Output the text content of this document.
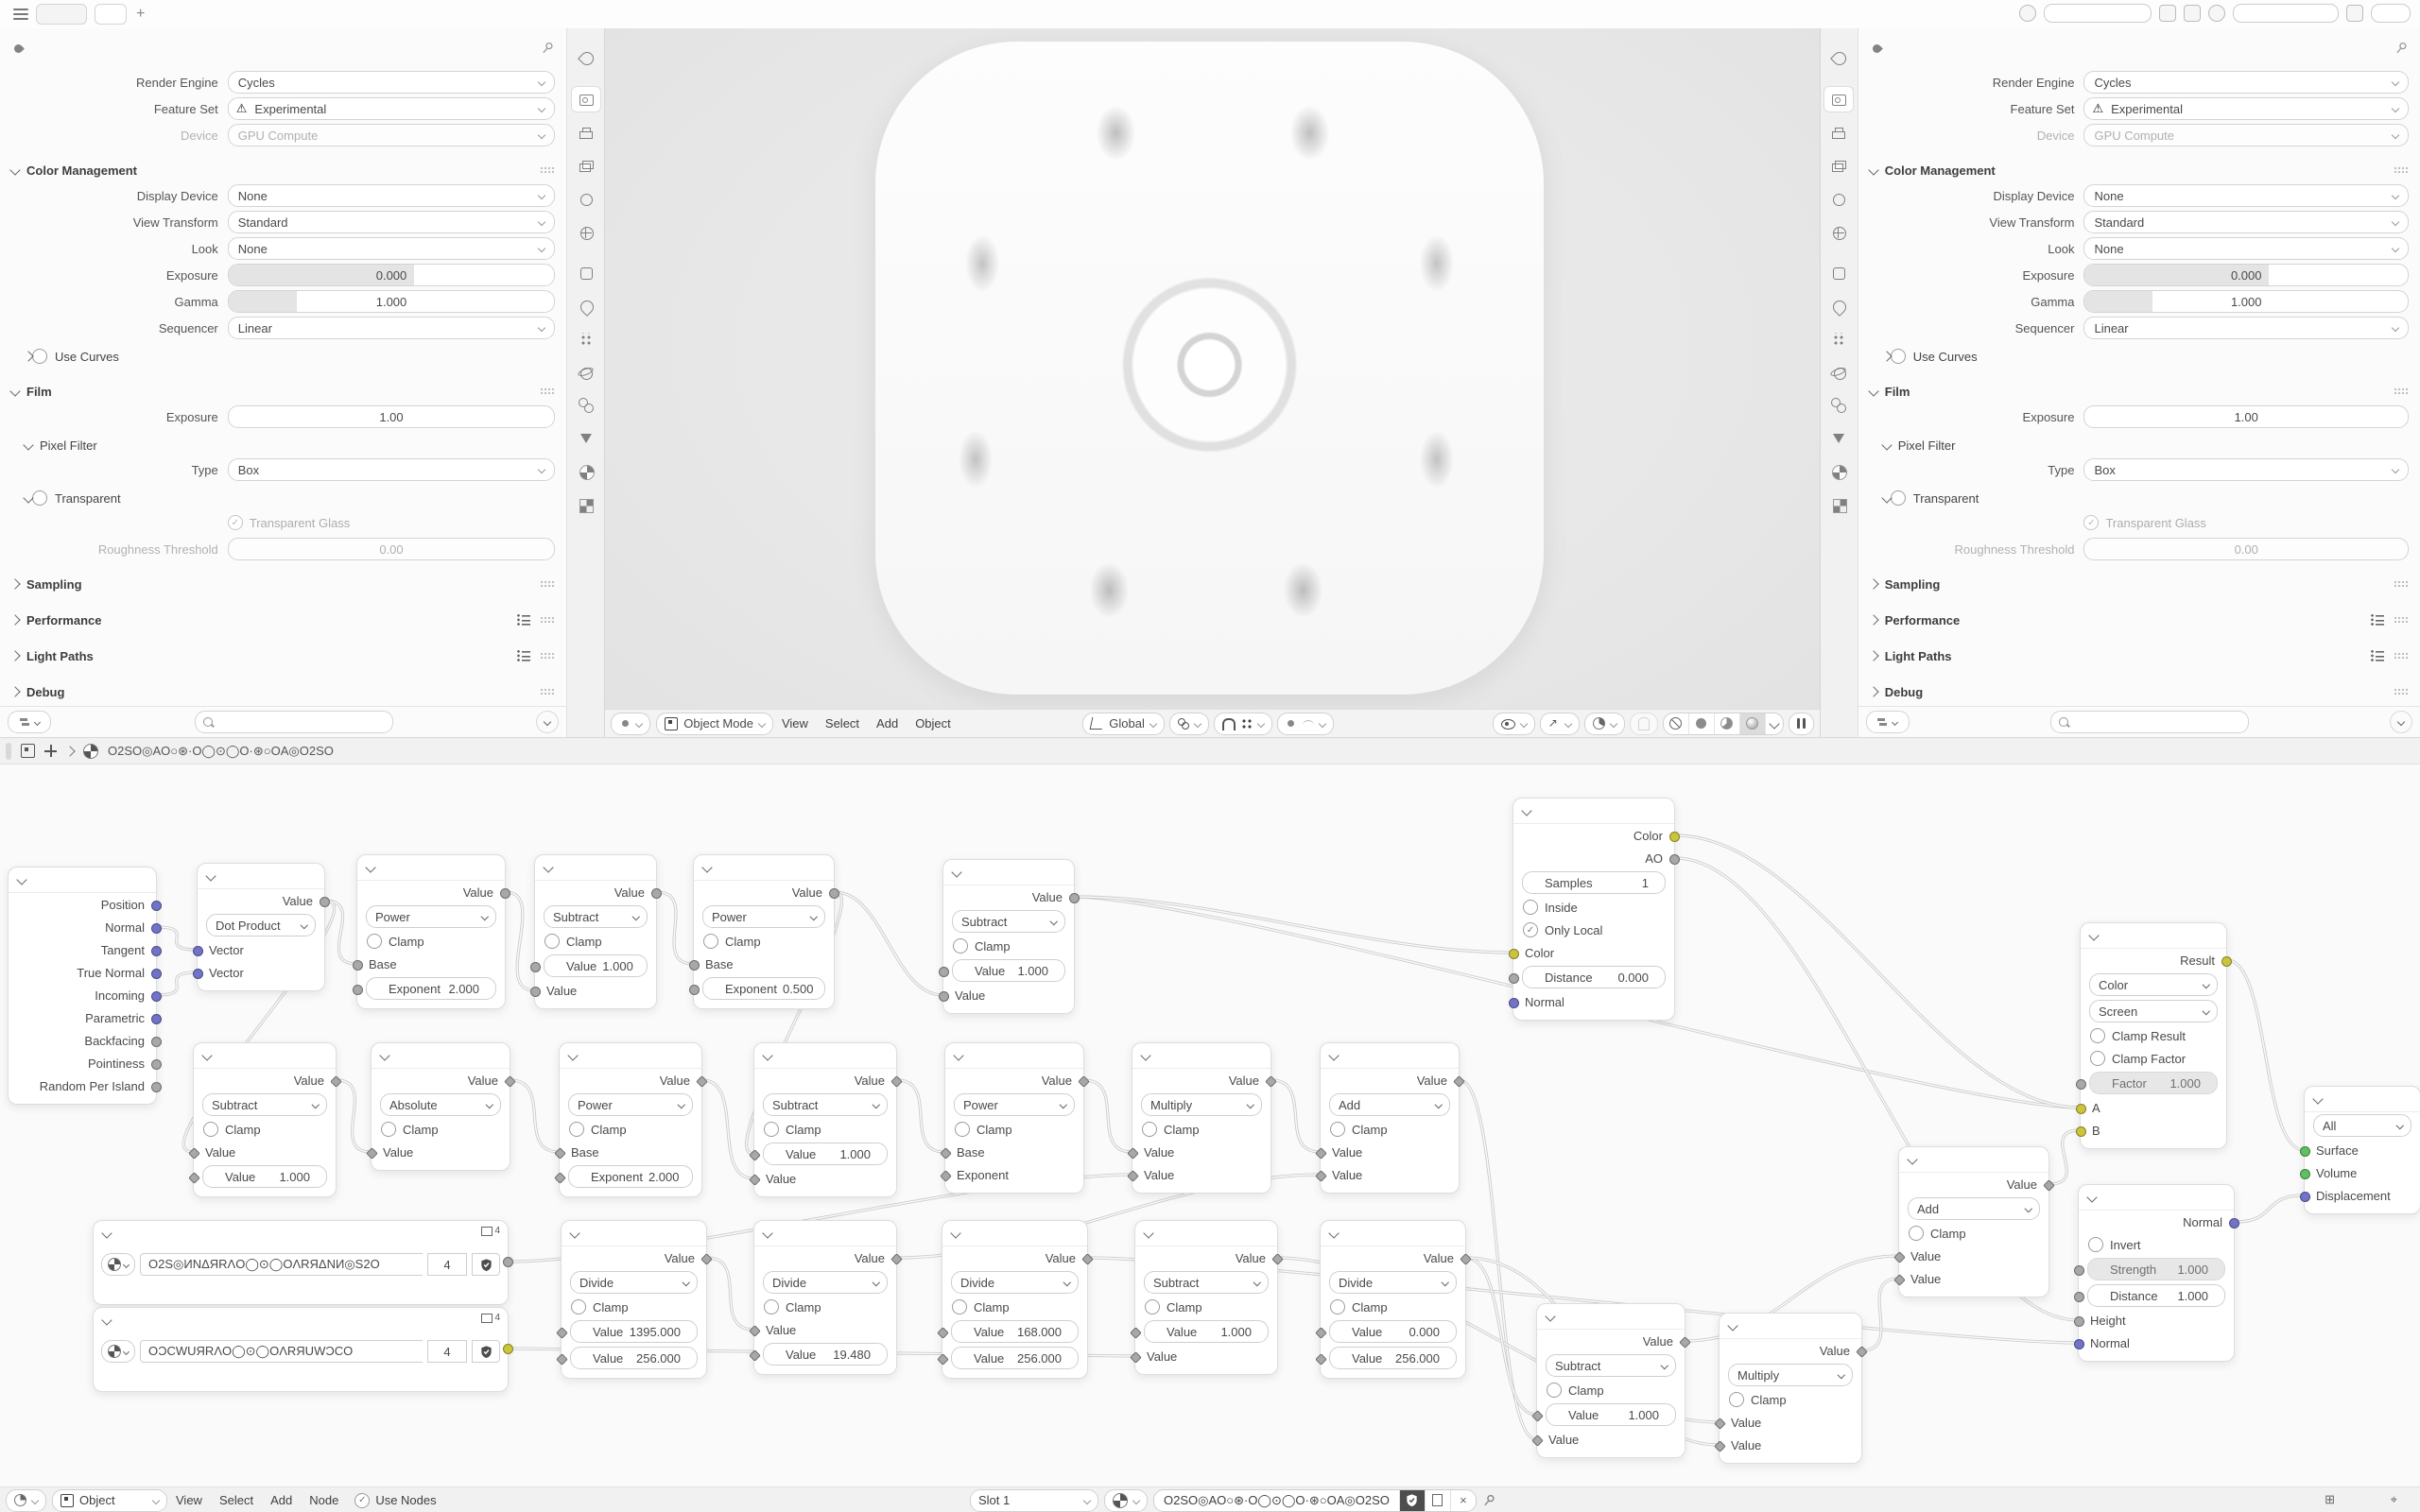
+
Render Engine	Cycles
Feature Set	⚠ Experimental
Device	GPU Compute
Color Management
Display Device	None
View Transform	Standard
Look	None
Exposure	0.000
Gamma	1.000
Sequencer	Linear
Use Curves
Film
Exposure	1.00
Pixel Filter
Type	Box
Transparent
✓
Transparent Glass
Roughness Threshold	0.00
Sampling
Performance
Light Paths
Debug
Object Mode View Select Add Object	Global
↗
Render Engine	Cycles
Feature Set	⚠ Experimental
Device	GPU Compute
Color Management
Display Device	None
View Transform	Standard
Look	None
Exposure	0.000
Gamma	1.000
Sequencer	Linear
Use Curves
Film
Exposure	1.00
Pixel Filter
Type	Box
Transparent
✓
Transparent Glass
Roughness Threshold	0.00
Sampling
Performance
Light Paths
Debug
O2SO◎AO○⊛·O◯⊙◯O·⊛○OA◎O2SO
Position
Normal
Tangent
True Normal
Incoming
Parametric
Backfacing
Pointiness
Random Per Island
Value
Dot Product
Vector
Vector
Value
Power
Clamp
Base
Exponent 2.000
Value
Subtract
Clamp
Value 1.000
Value
Value
Power
Clamp
Base
Exponent 0.500
Value
Subtract
Clamp
Value	1.000
Value
Value
Subtract
Clamp
Value
Value	1.000
Value
Absolute
Clamp
Value
Value
Power
Clamp
Base
Exponent 2.000
Value
Subtract
Clamp
Value	1.000
Value
Value
Power
Clamp
Base
Exponent
Value
Multiply
Clamp
Value
Value
Value
Add
Clamp
Value
Value
4
O2S◎ИNΔЯRΛO◯⊙◯OΛRЯΔNИ◎S2O	4
4
OƆCWUЯRΛO◯⊙◯OΛRЯUWƆCO	4
Value
Divide
Clamp
Value 1395.000
Value	256.000
Value
Divide
Clamp
Value
Value	19.480
Value
Divide
Clamp
Value	168.000
Value	256.000
Value
Subtract
Clamp
Value	1.000
Value
Value
Divide
Clamp
Value	0.000
Value	256.000
Color
AO
Samples	1
Inside
✓
Only Local
Color
Distance	0.000
Normal
Value
Add
Clamp
Value
Value
Result
Color
Screen
Clamp Result
Clamp Factor
Factor	1.000
A
B
Value
Subtract
Clamp
Value	1.000
Value
Value
Multiply
Clamp
Value
Value
Normal
Invert
Strength	1.000
Distance	1.000
Height
Normal
All
Surface
Volume
Displacement
Object	View Select Add Node ✓	Use Nodes	Slot 1	O2SO◎AO○⊛·O◯⊙◯O·⊛○OA◎O2SO	×	⊞	⌖
